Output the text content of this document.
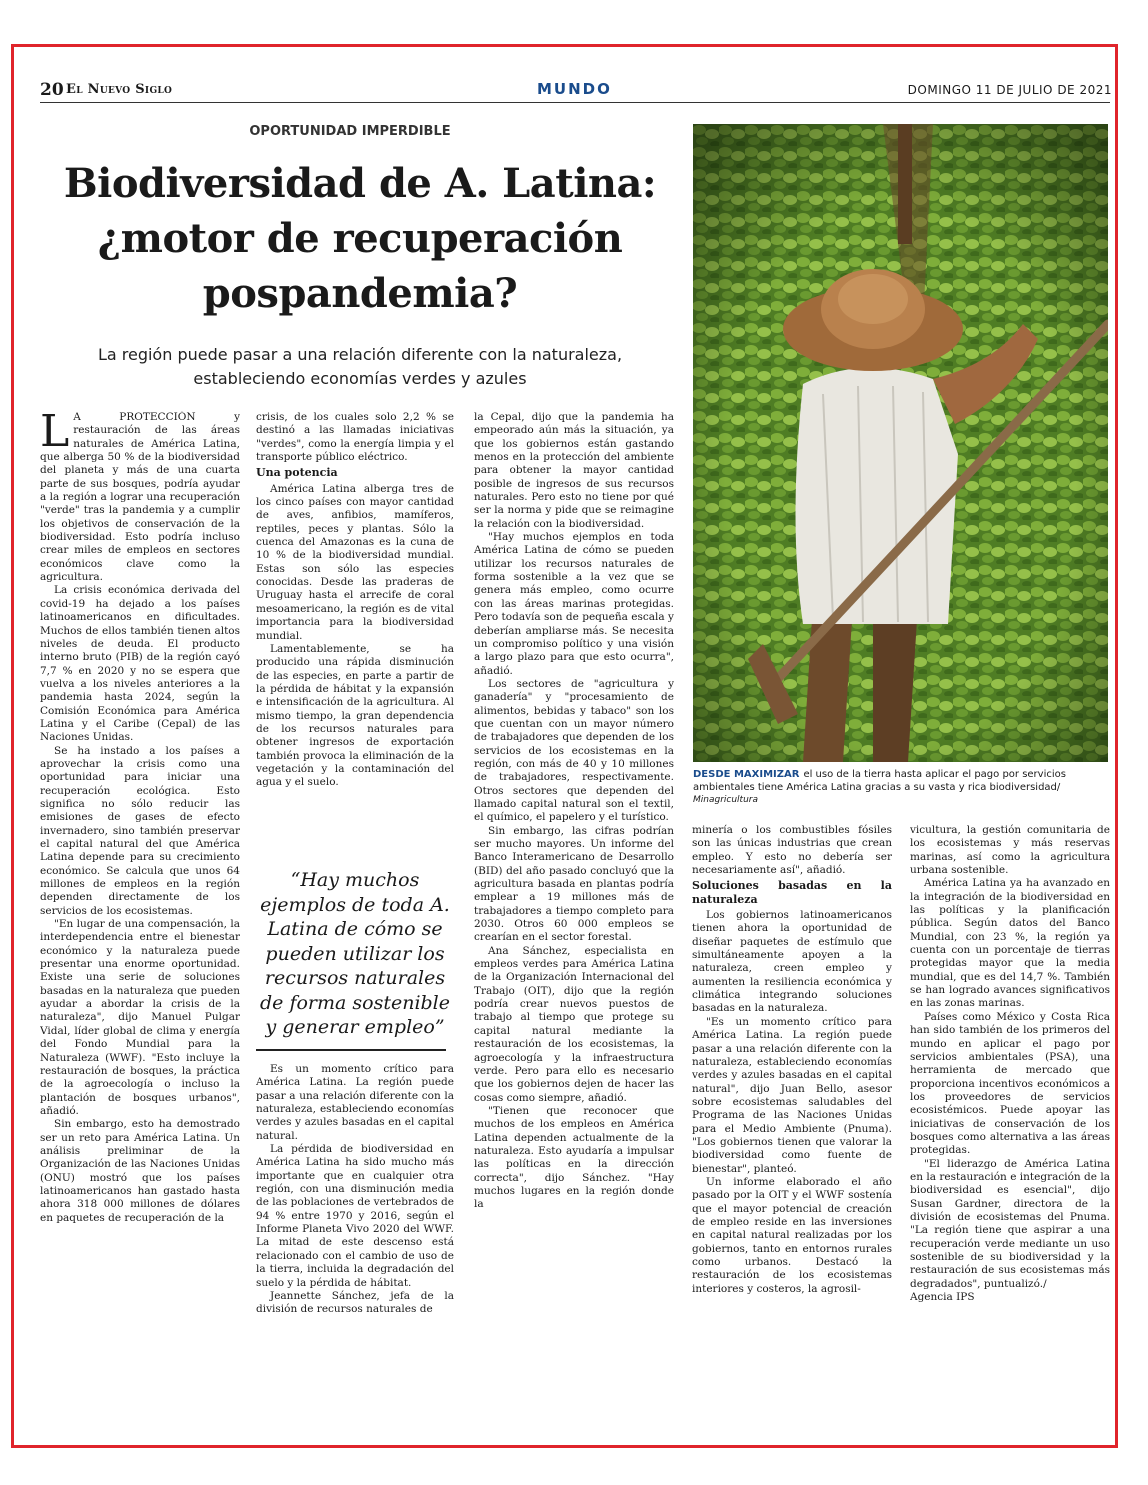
20 El Nuevo Siglo	MUNDO	DOMINGO 11 DE JULIO DE 2021
OPORTUNIDAD IMPERDIBLE
Biodiversidad de A. Latina:
¿motor de recuperación
pospandemia?
La región puede pasar a una relación diferente con la naturaleza,
estableciendo economías verdes y azules

L A PROTECCIÓN y restauración de las áreas naturales de América Latina, que alberga 50 % de la biodiversidad del planeta y más de una cuarta parte de sus bosques, podría ayudar a la región a lograr una recuperación "verde" tras la pandemia y a cumplir los objetivos de conservación de la biodiversidad. Esto podría incluso crear miles de empleos en sectores económicos clave como la agricultura.

La crisis económica derivada del covid-19 ha dejado a los países latinoamericanos en dificultades. Muchos de ellos también tienen altos niveles de deuda. El producto interno bruto (PIB) de la región cayó 7,7 % en 2020 y no se espera que vuelva a los niveles anteriores a la pandemia hasta 2024, según la Comisión Económica para América Latina y el Caribe (Cepal) de las Naciones Unidas.

Se ha instado a los países a aprovechar la crisis como una oportunidad para iniciar una recuperación ecológica. Esto significa no sólo reducir las emisiones de gases de efecto invernadero, sino también preservar el capital natural del que América Latina depende para su crecimiento económico. Se calcula que unos 64 millones de empleos en la región dependen directamente de los servicios de los ecosistemas.

"En lugar de una compensación, la interdependencia entre el bienestar económico y la naturaleza puede presentar una enorme oportunidad. Existe una serie de soluciones basadas en la naturaleza que pueden ayudar a abordar la crisis de la naturaleza", dijo Manuel Pulgar Vidal, líder global de clima y energía del Fondo Mundial para la Naturaleza (WWF). "Esto incluye la restauración de bosques, la práctica de la agroecología o incluso la plantación de bosques urbanos", añadió.

Sin embargo, esto ha demostrado ser un reto para América Latina. Un análisis preliminar de la Organización de las Naciones Unidas (ONU) mostró que los países latinoamericanos han gastado hasta ahora 318 000 millones de dólares en paquetes de recuperación de la

crisis, de los cuales solo 2,2 % se destinó a las llamadas iniciativas "verdes", como la energía limpia y el transporte público eléctrico.

Una potencia

América Latina alberga tres de los cinco países con mayor cantidad de aves, anfibios, mamíferos, reptiles, peces y plantas. Sólo la cuenca del Amazonas es la cuna de 10 % de la biodiversidad mundial. Estas son sólo las especies conocidas. Desde las praderas de Uruguay hasta el arrecife de coral mesoamericano, la región es de vital importancia para la biodiversidad mundial.

Lamentablemente, se ha producido una rápida disminución de las especies, en parte a partir de la pérdida de hábitat y la expansión e intensificación de la agricultura. Al mismo tiempo, la gran dependencia de los recursos naturales para obtener ingresos de exportación también provoca la eliminación de la vegetación y la contaminación del agua y el suelo.

“Hay muchos ejemplos de toda A. Latina de cómo se pueden utilizar los recursos naturales de forma sostenible y generar empleo”

Es un momento crítico para América Latina. La región puede pasar a una relación diferente con la naturaleza, estableciendo economías verdes y azules basadas en el capital natural.

La pérdida de biodiversidad en América Latina ha sido mucho más importante que en cualquier otra región, con una disminución media de las poblaciones de vertebrados de 94 % entre 1970 y 2016, según el Informe Planeta Vivo 2020 del WWF. La mitad de este descenso está relacionado con el cambio de uso de la tierra, incluida la degradación del suelo y la pérdida de hábitat.

Jeannette Sánchez, jefa de la división de recursos naturales de

la Cepal, dijo que la pandemia ha empeorado aún más la situación, ya que los gobiernos están gastando menos en la protección del ambiente para obtener la mayor cantidad posible de ingresos de sus recursos naturales. Pero esto no tiene por qué ser la norma y pide que se reimagine la relación con la biodiversidad.

"Hay muchos ejemplos en toda América Latina de cómo se pueden utilizar los recursos naturales de forma sostenible a la vez que se genera más empleo, como ocurre con las áreas marinas protegidas. Pero todavía son de pequeña escala y deberían ampliarse más. Se necesita un compromiso político y una visión a largo plazo para que esto ocurra", añadió.

Los sectores de "agricultura y ganadería" y "procesamiento de alimentos, bebidas y tabaco" son los que cuentan con un mayor número de trabajadores que dependen de los servicios de los ecosistemas en la región, con más de 40 y 10 millones de trabajadores, respectivamente. Otros sectores que dependen del llamado capital natural son el textil, el químico, el papelero y el turístico.

Sin embargo, las cifras podrían ser mucho mayores. Un informe del Banco Interamericano de Desarrollo (BID) del año pasado concluyó que la agricultura basada en plantas podría emplear a 19 millones más de trabajadores a tiempo completo para 2030. Otros 60 000 empleos se crearían en el sector forestal.

Ana Sánchez, especialista en empleos verdes para América Latina de la Organización Internacional del Trabajo (OIT), dijo que la región podría crear nuevos puestos de trabajo al tiempo que protege su capital natural mediante la restauración de los ecosistemas, la agroecología y la infraestructura verde. Pero para ello es necesario que los gobiernos dejen de hacer las cosas como siempre, añadió.

"Tienen que reconocer que muchos de los empleos en América Latina dependen actualmente de la naturaleza. Esto ayudaría a impulsar las políticas en la dirección correcta", dijo Sánchez. "Hay muchos lugares en la región donde la

DESDE MAXIMIZAR el uso de la tierra hasta aplicar el pago por servicios ambientales tiene América Latina gracias a su vasta y rica biodiversidad/
Minagricultura

minería o los combustibles fósiles son las únicas industrias que crean empleo. Y esto no debería ser necesariamente así", añadió.

Soluciones basadas en la naturaleza

Los gobiernos latinoamericanos tienen ahora la oportunidad de diseñar paquetes de estímulo que simultáneamente apoyen a la naturaleza, creen empleo y aumenten la resiliencia económica y climática integrando soluciones basadas en la naturaleza.

"Es un momento crítico para América Latina. La región puede pasar a una relación diferente con la naturaleza, estableciendo economías verdes y azules basadas en el capital natural", dijo Juan Bello, asesor sobre ecosistemas saludables del Programa de las Naciones Unidas para el Medio Ambiente (Pnuma). "Los gobiernos tienen que valorar la biodiversidad como fuente de bienestar", planteó.

Un informe elaborado el año pasado por la OIT y el WWF sostenía que el mayor potencial de creación de empleo reside en las inversiones en capital natural realizadas por los gobiernos, tanto en entornos rurales como urbanos. Destacó la restauración de los ecosistemas interiores y costeros, la agrosil-

vicultura, la gestión comunitaria de los ecosistemas y más reservas marinas, así como la agricultura urbana sostenible.

América Latina ya ha avanzado en la integración de la biodiversidad en las políticas y la planificación pública. Según datos del Banco Mundial, con 23 %, la región ya cuenta con un porcentaje de tierras protegidas mayor que la media mundial, que es del 14,7 %. También se han logrado avances significativos en las zonas marinas.

Países como México y Costa Rica han sido también de los primeros del mundo en aplicar el pago por servicios ambientales (PSA), una herramienta de mercado que proporciona incentivos económicos a los proveedores de servicios ecosistémicos. Puede apoyar las iniciativas de conservación de los bosques como alternativa a las áreas protegidas.

"El liderazgo de América Latina en la restauración e integración de la biodiversidad es esencial", dijo Susan Gardner, directora de la división de ecosistemas del Pnuma. "La región tiene que aspirar a una recuperación verde mediante un uso sostenible de su biodiversidad y la restauración de sus ecosistemas más degradados", puntualizó./

Agencia IPS
